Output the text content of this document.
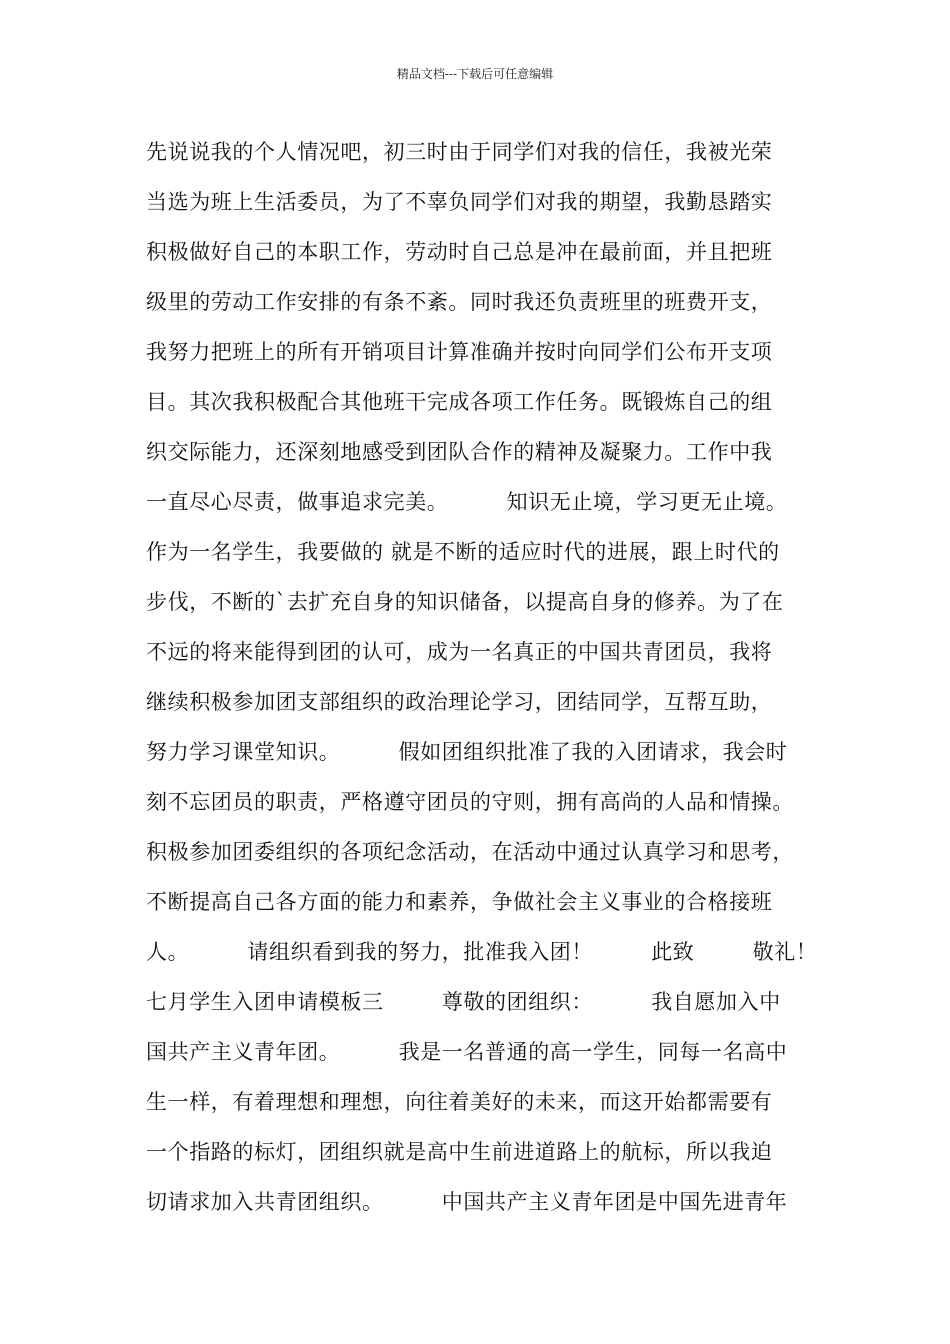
精品文档---下载后可任意编辑
先说说我的个人情况吧，初三时由于同学们对我的信任，我被光荣
当选为班上生活委员，为了不辜负同学们对我的期望，我勤恳踏实
积极做好自己的本职工作，劳动时自己总是冲在最前面，并且把班
级里的劳动工作安排的有条不紊。同时我还负责班里的班费开支，
我努力把班上的所有开销项目计算准确并按时向同学们公布开支项
目。其次我积极配合其他班干完成各项工作任务。既锻炼自己的组
织交际能力，还深刻地感受到团队合作的精神及凝聚力。工作中我
一直尽心尽责，做事追求完美。        知识无止境，学习更无止境。
作为一名学生，我要做的 就是不断的适应时代的进展，跟上时代的
步伐，不断的`去扩充自身的知识储备，以提高自身的修养。为了在
不远的将来能得到团的认可，成为一名真正的中国共青团员，我将
继续积极参加团支部组织的政治理论学习，团结同学，互帮互助，
努力学习课堂知识。        假如团组织批准了我的入团请求，我会时
刻不忘团员的职责，严格遵守团员的守则，拥有高尚的人品和情操。
积极参加团委组织的各项纪念活动，在活动中通过认真学习和思考，
不断提高自己各方面的能力和素养，争做社会主义事业的合格接班
人。        请组织看到我的努力，批准我入团！        此致        敬礼！
七月学生入团申请模板三        尊敬的团组织：        我自愿加入中
国共产主义青年团。        我是一名普通的高一学生，同每一名高中
生一样，有着理想和理想，向往着美好的未来，而这开始都需要有
一个指路的标灯，团组织就是高中生前进道路上的航标，所以我迫
切请求加入共青团组织。        中国共产主义青年团是中国先进青年
